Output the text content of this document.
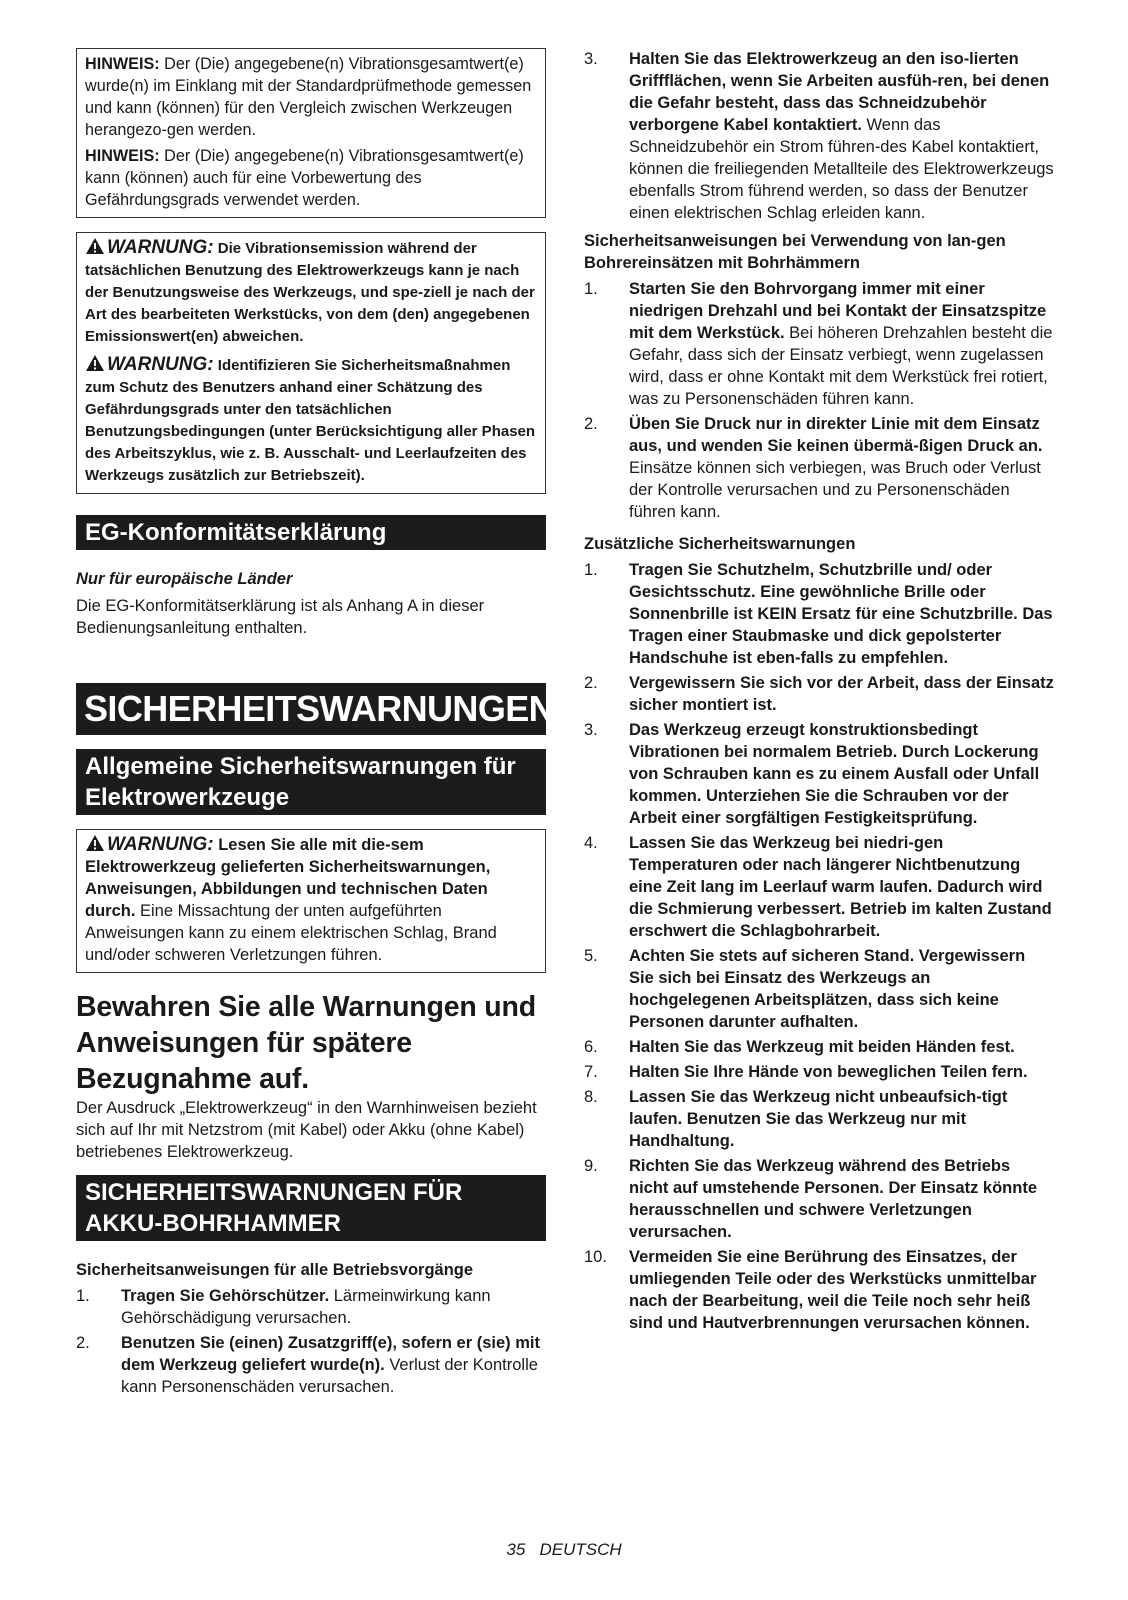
HINWEIS: Der (Die) angegebene(n) Vibrationsgesamtwert(e) wurde(n) im Einklang mit der Standardprüfmethode gemessen und kann (können) für den Vergleich zwischen Werkzeugen herangezo-gen werden.

HINWEIS: Der (Die) angegebene(n) Vibrationsgesamtwert(e) kann (können) auch für eine Vorbewertung des Gefährdungsgrads verwendet werden.

WARNUNG: Die Vibrationsemission während der tatsächlichen Benutzung des Elektrowerkzeugs kann je nach der Benutzungsweise des Werkzeugs, und spe-ziell je nach der Art des bearbeiteten Werkstücks, von dem (den) angegebenen Emissionswert(en) abweichen.

WARNUNG: Identifizieren Sie Sicherheitsmaßnahmen zum Schutz des Benutzers anhand einer Schätzung des Gefährdungsgrads unter den tatsächlichen Benutzungsbedingungen (unter Berücksichtigung aller Phasen des Arbeitszyklus, wie z. B. Ausschalt- und Leerlaufzeiten des Werkzeugs zusätzlich zur Betriebszeit).

EG-Konformitätserklärung

Nur für europäische Länder

Die EG-Konformitätserklärung ist als Anhang A in dieser Bedienungsanleitung enthalten.

SICHERHEITSWARNUNGEN
Allgemeine Sicherheitswarnungen für Elektrowerkzeuge

WARNUNG: Lesen Sie alle mit die-sem Elektrowerkzeug gelieferten Sicherheitswarnungen, Anweisungen, Abbildungen und technischen Daten durch. Eine Missachtung der unten aufgeführten Anweisungen kann zu einem elektrischen Schlag, Brand und/oder schweren Verletzungen führen.

Bewahren Sie alle Warnungen und Anweisungen für spätere Bezugnahme auf.

Der Ausdruck „Elektrowerkzeug“ in den Warnhinweisen bezieht sich auf Ihr mit Netzstrom (mit Kabel) oder Akku (ohne Kabel) betriebenes Elektrowerkzeug.

SICHERHEITSWARNUNGEN FÜR AKKU-BOHRHAMMER

Sicherheitsanweisungen für alle Betriebsvorgänge

1. Tragen Sie Gehörschützer. Lärmeinwirkung kann Gehörschädigung verursachen.
2. Benutzen Sie (einen) Zusatzgriff(e), sofern er (sie) mit dem Werkzeug geliefert wurde(n). Verlust der Kontrolle kann Personenschäden verursachen.
3. Halten Sie das Elektrowerkzeug an den iso-lierten Griffflächen, wenn Sie Arbeiten ausfüh-ren, bei denen die Gefahr besteht, dass das Schneidzubehör verborgene Kabel kontaktiert. Wenn das Schneidzubehör ein Strom führen-des Kabel kontaktiert, können die freiliegenden Metallteile des Elektrowerkzeugs ebenfalls Strom führend werden, so dass der Benutzer einen elektrischen Schlag erleiden kann.

Sicherheitsanweisungen bei Verwendung von lan-gen Bohrereinsätzen mit Bohrhämmern

1. Starten Sie den Bohrvorgang immer mit einer niedrigen Drehzahl und bei Kontakt der Einsatzspitze mit dem Werkstück. Bei höheren Drehzahlen besteht die Gefahr, dass sich der Einsatz verbiegt, wenn zugelassen wird, dass er ohne Kontakt mit dem Werkstück frei rotiert, was zu Personenschäden führen kann.
2. Üben Sie Druck nur in direkter Linie mit dem Einsatz aus, und wenden Sie keinen übermä-ßigen Druck an. Einsätze können sich verbiegen, was Bruch oder Verlust der Kontrolle verursachen und zu Personenschäden führen kann.

Zusätzliche Sicherheitswarnungen

1. Tragen Sie Schutzhelm, Schutzbrille und/ oder Gesichtsschutz. Eine gewöhnliche Brille oder Sonnenbrille ist KEIN Ersatz für eine Schutzbrille. Das Tragen einer Staubmaske und dick gepolsterter Handschuhe ist eben-falls zu empfehlen.
2. Vergewissern Sie sich vor der Arbeit, dass der Einsatz sicher montiert ist.
3. Das Werkzeug erzeugt konstruktionsbedingt Vibrationen bei normalem Betrieb. Durch Lockerung von Schrauben kann es zu einem Ausfall oder Unfall kommen. Unterziehen Sie die Schrauben vor der Arbeit einer sorgfältigen Festigkeitsprüfung.
4. Lassen Sie das Werkzeug bei niedri-gen Temperaturen oder nach längerer Nichtbenutzung eine Zeit lang im Leerlauf warm laufen. Dadurch wird die Schmierung verbessert. Betrieb im kalten Zustand erschwert die Schlagbohrarbeit.
5. Achten Sie stets auf sicheren Stand. Vergewissern Sie sich bei Einsatz des Werkzeugs an hochgelegenen Arbeitsplätzen, dass sich keine Personen darunter aufhalten.
6. Halten Sie das Werkzeug mit beiden Händen fest.
7. Halten Sie Ihre Hände von beweglichen Teilen fern.
8. Lassen Sie das Werkzeug nicht unbeaufsich-tigt laufen. Benutzen Sie das Werkzeug nur mit Handhaltung.
9. Richten Sie das Werkzeug während des Betriebs nicht auf umstehende Personen. Der Einsatz könnte herausschnellen und schwere Verletzungen verursachen.
10. Vermeiden Sie eine Berührung des Einsatzes, der umliegenden Teile oder des Werkstücks unmittelbar nach der Bearbeitung, weil die Teile noch sehr heiß sind und Hautverbrennungen verursachen können.
35 DEUTSCH
